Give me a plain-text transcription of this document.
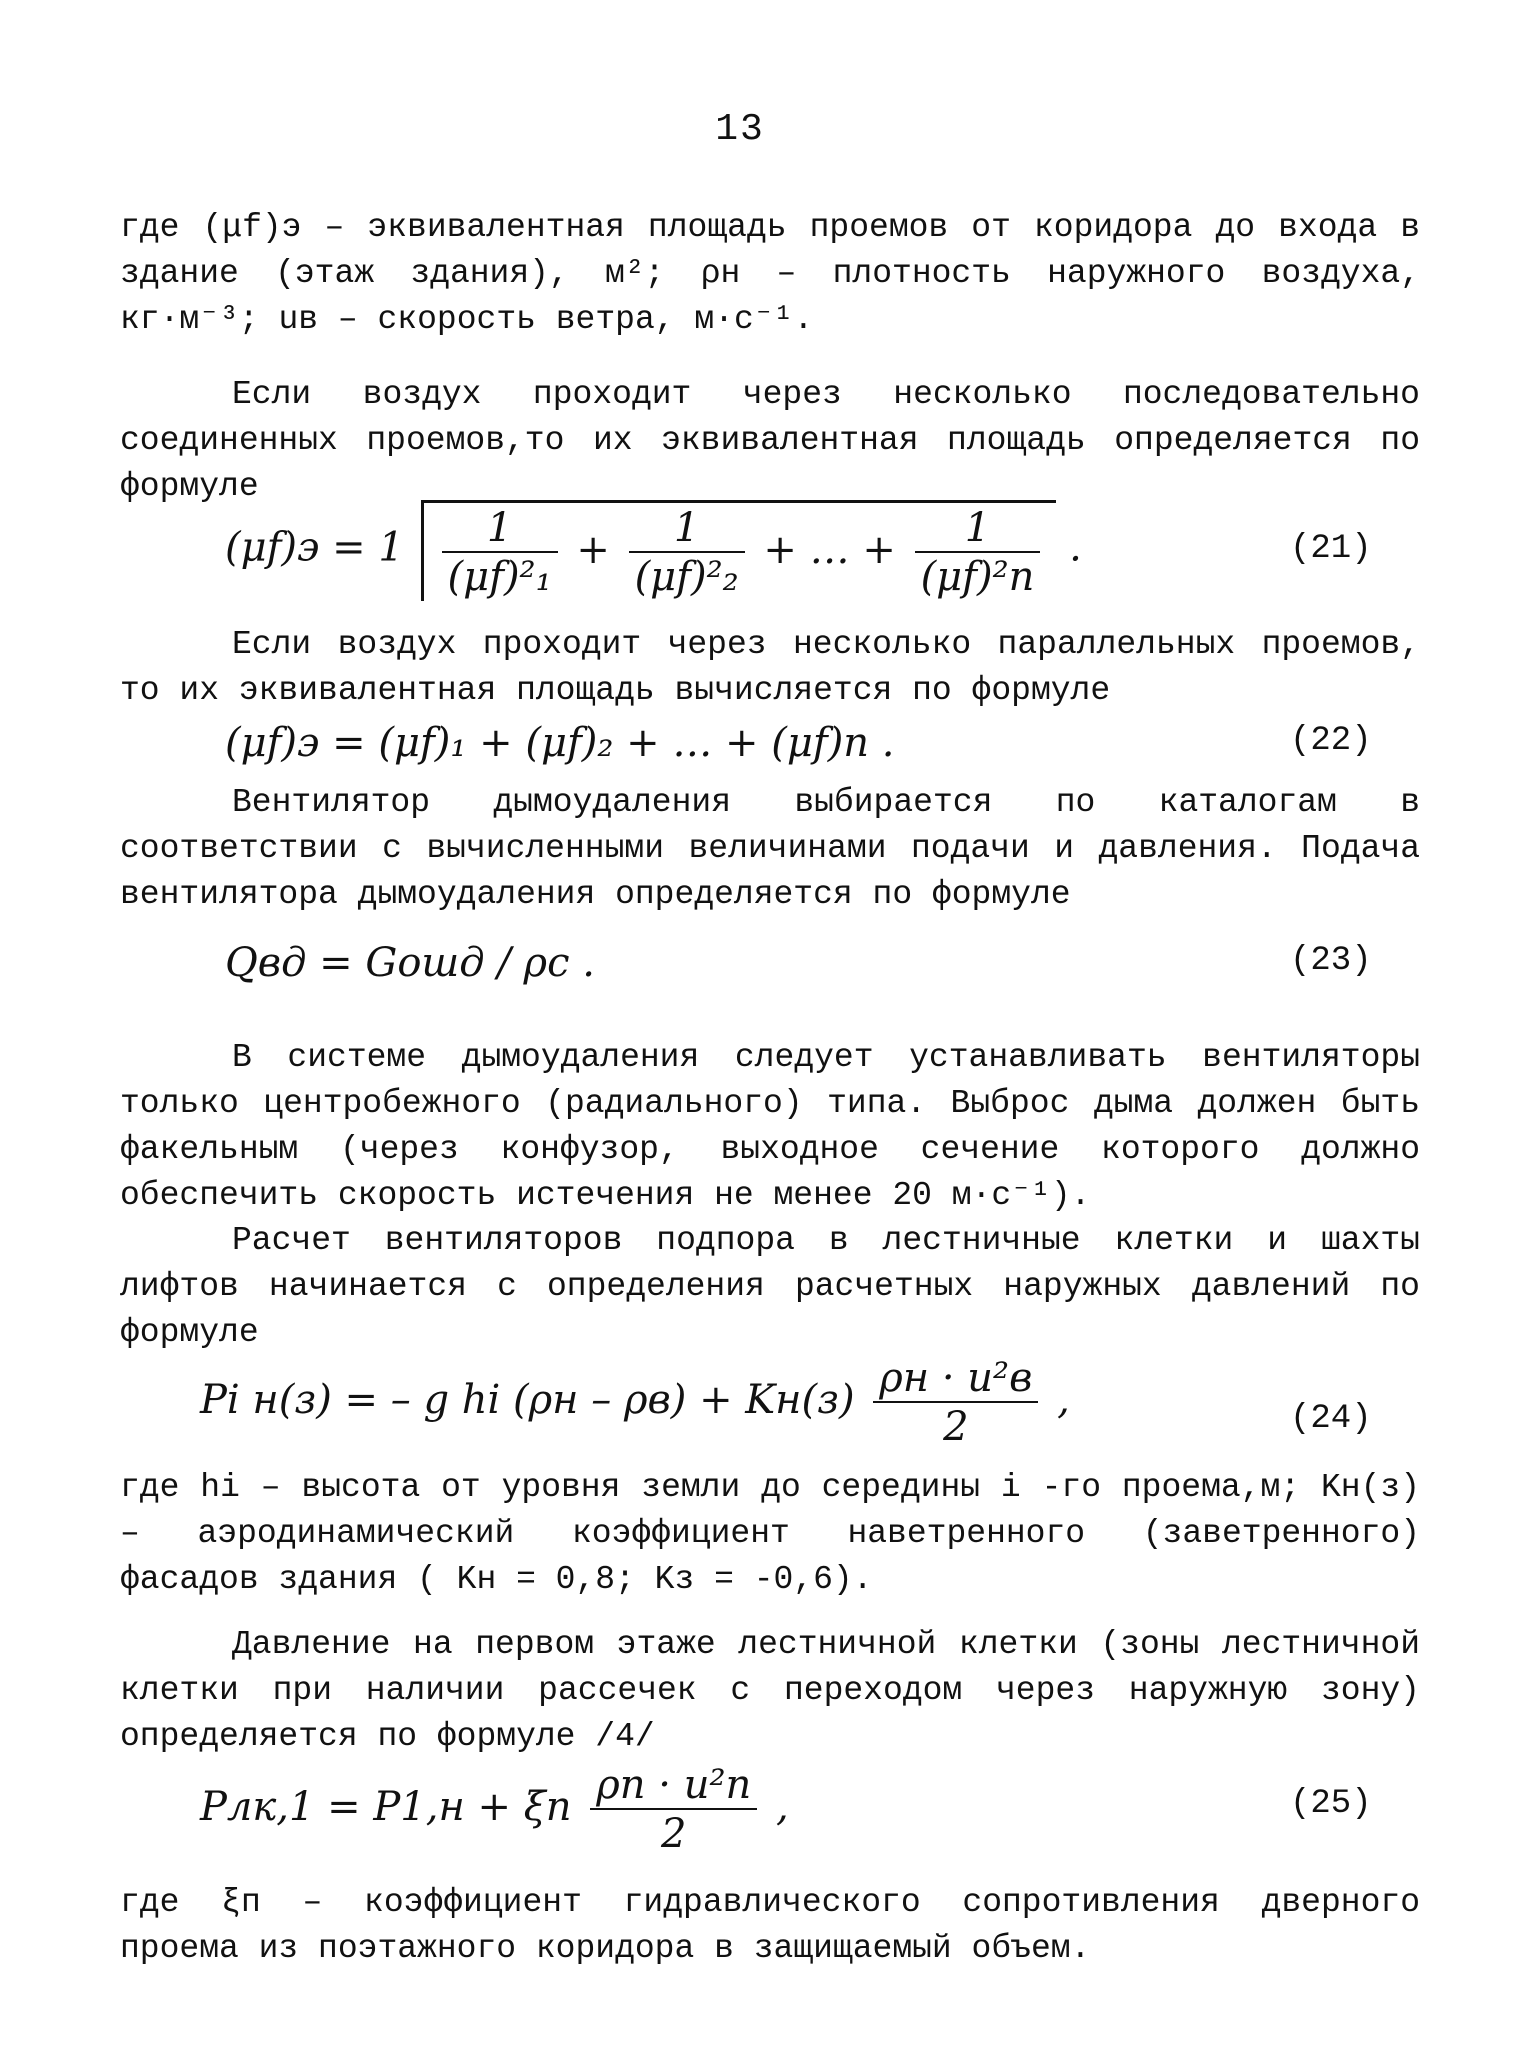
13

где (μf)э – эквивалентная площадь проемов от коридора до входа в здание (этаж здания), м²; ρн – плотность наружного воздуха, кг·м⁻³; uв – скорость ветра, м·с⁻¹.

Если воздух проходит через несколько последовательно соединенных проемов,то их эквивалентная площадь определяется по формуле

$(\mu f)э = 1 \frac{1}{\text{(μf)²₁}} + \frac{1}{\text{(μf)²₂}}$ + … + $\frac{1}{\text{(μf)²n}}$ .	(21)

Если воздух проходит через несколько параллельных проемов, то их эквивалентная площадь вычисляется по формуле

(μf)э = (μf)₁ + (μf)₂ + … + (μf)n .	(22)

Вентилятор дымоудаления выбирается по каталогам в соответствии с вычисленными величинами подачи и давления. Подача вентилятора дымоудаления определяется по формуле

Qвд = Gошд / ρc .	(23)

В системе дымоудаления следует устанавливать вентиляторы только центробежного (радиального) типа. Выброс дыма должен быть факельным (через конфузор, выходное сечение которого должно обеспечить скорость истечения не менее 20 м·с⁻¹).

Расчет вентиляторов подпора в лестничные клетки и шахты лифтов начинается с определения расчетных наружных давлений по формуле

Pi н(з) = – g hi $(\rho н - \rho в) + Kн(з) \frac{\text{ρн · u²в}}{2}$ ,	(24)

где hi – высота от уровня земли до середины i -го проема,м; Kн(з) – аэродинамический коэффициент наветренного (заветренного) фасадов здания ( Kн = 0,8; Kз = -0,6).

Давление на первом этаже лестничной клетки (зоны лестничной клетки при наличии рассечек с переходом через наружную зону) определяется по формуле /4/

Pлк,1 = P1,н + ξп $\frac{\text{ρп · u²п}}{2}$ ,	(25)

где ξп – коэффициент гидравлического сопротивления дверного проема из поэтажного коридора в защищаемый объем.
